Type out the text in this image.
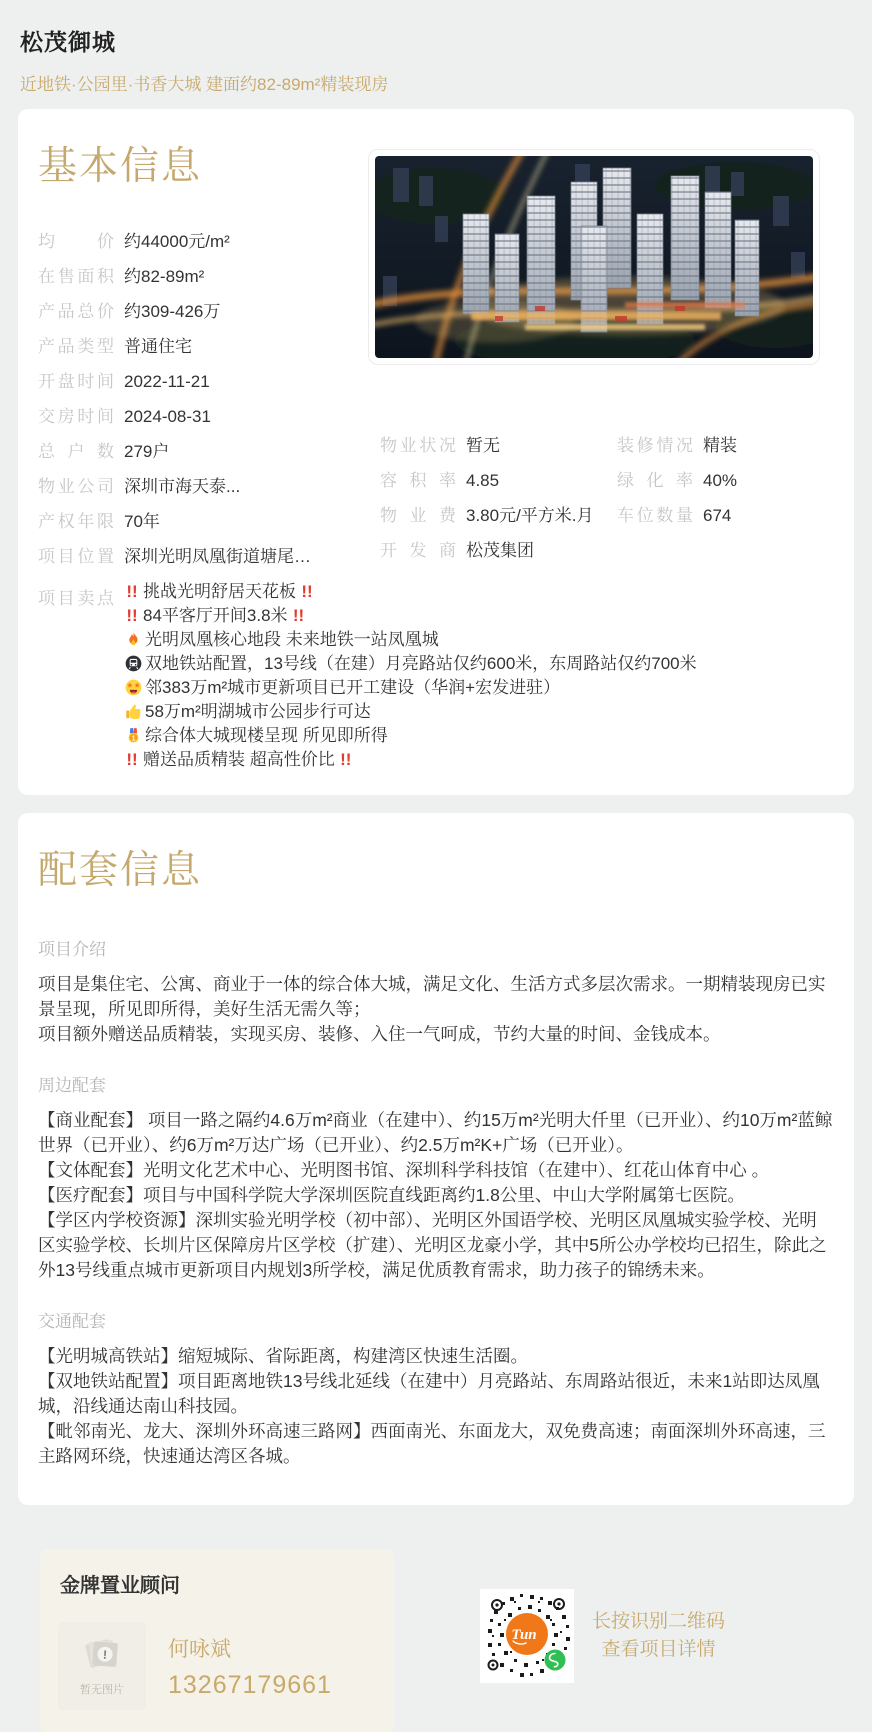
松茂御城
近地铁·公园里·书香大城 建面约82-89m²精装现房
基本信息
均价 约44000元/m²
在售面积 约82-89m²
产品总价 约309-426万
产品类型 普通住宅
开盘时间 2022-11-21
交房时间 2024-08-31
总户数 279户
物业公司 深圳市海天泰...
产权年限 70年
项目位置 深圳光明凤凰街道塘尾…
物业状况 暂无	装修情况 精装
容积率 4.85	绿化率 40%
物业费 3.80元/平方米.月 车位数量 674
开发商 松茂集团
项目卖点 !! 挑战光明舒居天花板
!!
!!
84平客厅开间3.8米
!!
光明凤凰核心地段 未来地铁一站凤凰城
双地铁站配置，13号线（在建）月亮路站仅约600米，东周路站仅约700米
邻383万m²城市更新项目已开工建设（华润+宏发进驻）
58万m²明湖城市公园步行可达
1 综合体大城现楼呈现 所见即所得
!!
赠送品质精装 超高性价比
!!
配套信息
项目介绍

项目是集住宅、公寓、商业于一体的综合体大城，满足文化、生活方式多层次需求。一期精装现房已实景呈现，所见即所得，美好生活无需久等；

项目额外赠送品质精装，实现买房、装修、入住一气呵成，节约大量的时间、金钱成本。

周边配套

【商业配套】 项目一路之隔约4.6万m²商业（在建中）、约15万m²光明大仟里（已开业）、约10万m²蓝鲸世界（已开业）、约6万m²万达广场（已开业）、约2.5万m²K+广场（已开业）。

【文体配套】光明文化艺术中心、光明图书馆、深圳科学科技馆（在建中）、红花山体育中心 。

【医疗配套】项目与中国科学院大学深圳医院直线距离约1.8公里、中山大学附属第七医院。

【学区内学校资源】深圳实验光明学校（初中部）、光明区外国语学校、光明区凤凰城实验学校、光明区实验学校、长圳片区保障房片区学校（扩建）、光明区龙豪小学，其中5所公办学校均已招生，除此之外13号线重点城市更新项目内规划3所学校，满足优质教育需求，助力孩子的锦绣未来。

交通配套

【光明城高铁站】缩短城际、省际距离，构建湾区快速生活圈。

【双地铁站配置】项目距离地铁13号线北延线（在建中）月亮路站、东周路站很近，未来1站即达凤凰城，沿线通达南山科技园。

【毗邻南光、龙大、深圳外环高速三路网】西面南光、东面龙大，双免费高速；南面深圳外环高速，三主路网环绕，快速通达湾区各城。

金牌置业顾问
!
暂无图片
何咏斌
13267179661
Tun
长按识别二维码
查看项目详情
